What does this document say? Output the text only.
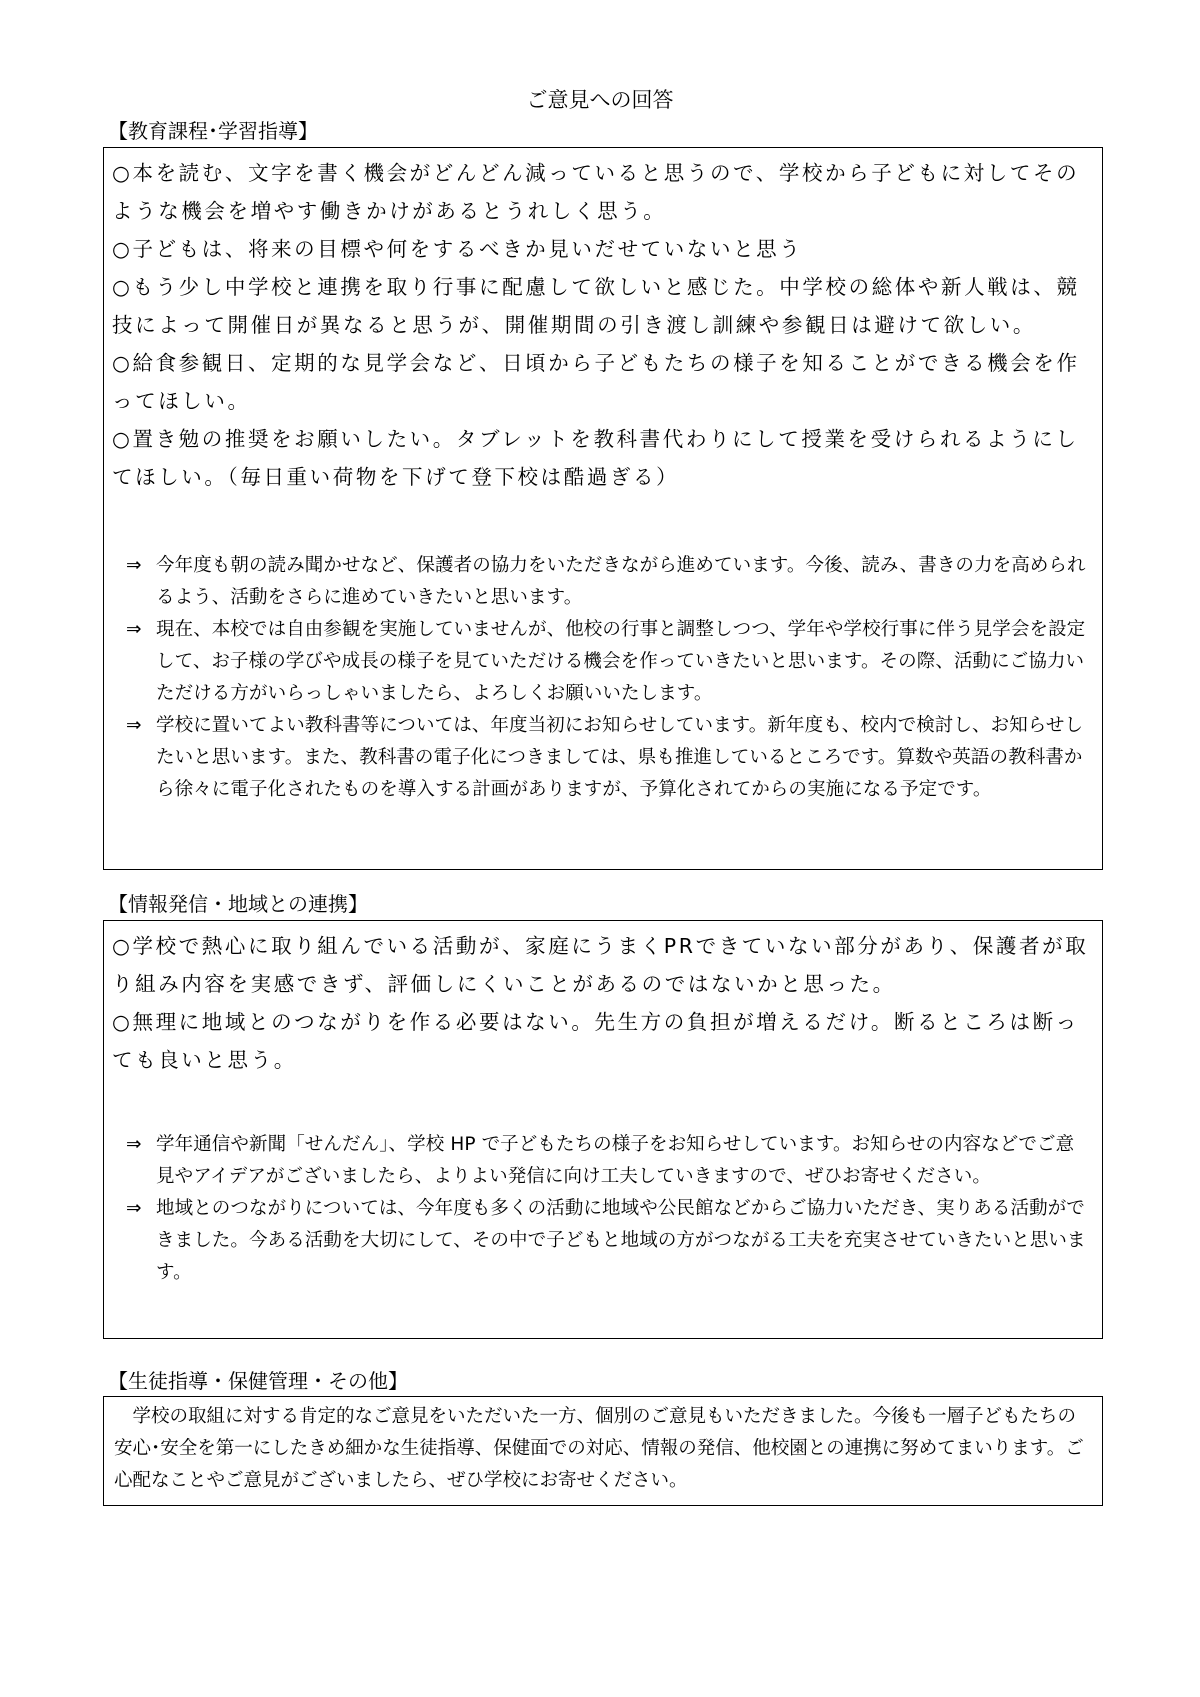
ご意見への回答
【教育課程･学習指導】
○本を読む、文字を書く機会がどんどん減っていると思うので、学校から子どもに対してそのような機会を増やす働きかけがあるとうれしく思う。
○子どもは、将来の目標や何をするべきか見いだせていないと思う
○もう少し中学校と連携を取り行事に配慮して欲しいと感じた。中学校の総体や新人戦は、競技によって開催日が異なると思うが、開催期間の引き渡し訓練や参観日は避けて欲しい。
○給食参観日、定期的な見学会など、日頃から子どもたちの様子を知ることができる機会を作ってほしい。
○置き勉の推奨をお願いしたい。タブレットを教科書代わりにして授業を受けられるようにしてほしい。（毎日重い荷物を下げて登下校は酷過ぎる）
⇒ 今年度も朝の読み聞かせなど、保護者の協力をいただきながら進めています。今後、読み、書きの力を高められるよう、活動をさらに進めていきたいと思います。
⇒ 現在、本校では自由参観を実施していませんが、他校の行事と調整しつつ、学年や学校行事に伴う見学会を設定して、お子様の学びや成長の様子を見ていただける機会を作っていきたいと思います。その際、活動にご協力いただける方がいらっしゃいましたら、よろしくお願いいたします。
⇒ 学校に置いてよい教科書等については、年度当初にお知らせしています。新年度も、校内で検討し、お知らせしたいと思います。また、教科書の電子化につきましては、県も推進しているところです。算数や英語の教科書から徐々に電子化されたものを導入する計画がありますが、予算化されてからの実施になる予定です。
【情報発信・地域との連携】
○学校で熱心に取り組んでいる活動が、家庭にうまくPRできていない部分があり、保護者が取り組み内容を実感できず、評価しにくいことがあるのではないかと思った。
○無理に地域とのつながりを作る必要はない。先生方の負担が増えるだけ。断るところは断っても良いと思う。
⇒ 学年通信や新聞「せんだん」、学校 HP で子どもたちの様子をお知らせしています。お知らせの内容などでご意見やアイデアがございましたら、よりよい発信に向け工夫していきますので、ぜひお寄せください。
⇒ 地域とのつながりについては、今年度も多くの活動に地域や公民館などからご協力いただき、実りある活動ができました。今ある活動を大切にして、その中で子どもと地域の方がつながる工夫を充実させていきたいと思います。
【生徒指導・保健管理・その他】
学校の取組に対する肯定的なご意見をいただいた一方、個別のご意見もいただきました。今後も一層子どもたちの安心･安全を第一にしたきめ細かな生徒指導、保健面での対応、情報の発信、他校園との連携に努めてまいります。ご心配なことやご意見がございましたら、ぜひ学校にお寄せください。
